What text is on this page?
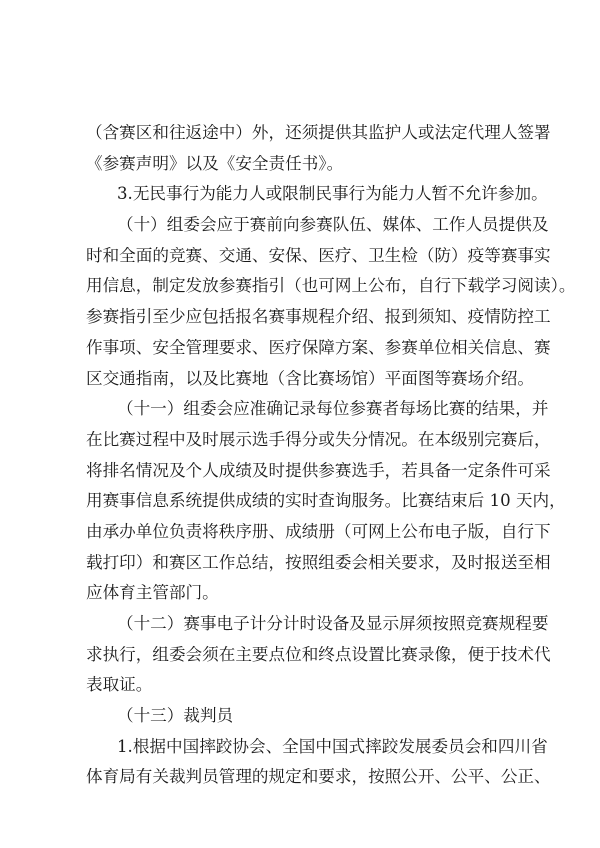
（含赛区和往返途中）外，还须提供其监护人或法定代理人签署
《参赛声明》以及《安全责任书》。
3.无民事行为能力人或限制民事行为能力人暂不允许参加。
（十）组委会应于赛前向参赛队伍、媒体、工作人员提供及
时和全面的竞赛、交通、安保、医疗、卫生检（防）疫等赛事实
用信息，制定发放参赛指引（也可网上公布，自行下载学习阅读）。
参赛指引至少应包括报名赛事规程介绍、报到须知、疫情防控工
作事项、安全管理要求、医疗保障方案、参赛单位相关信息、赛
区交通指南，以及比赛地（含比赛场馆）平面图等赛场介绍。
（十一）组委会应准确记录每位参赛者每场比赛的结果，并
在比赛过程中及时展示选手得分或失分情况。在本级别完赛后，
将排名情况及个人成绩及时提供参赛选手，若具备一定条件可采
用赛事信息系统提供成绩的实时查询服务。比赛结束后 10 天内，
由承办单位负责将秩序册、成绩册（可网上公布电子版，自行下
载打印）和赛区工作总结，按照组委会相关要求，及时报送至相
应体育主管部门。
（十二）赛事电子计分计时设备及显示屏须按照竞赛规程要
求执行，组委会须在主要点位和终点设置比赛录像，便于技术代
表取证。
（十三）裁判员
1.根据中国摔跤协会、全国中国式摔跤发展委员会和四川省
体育局有关裁判员管理的规定和要求，按照公开、公平、公正、
